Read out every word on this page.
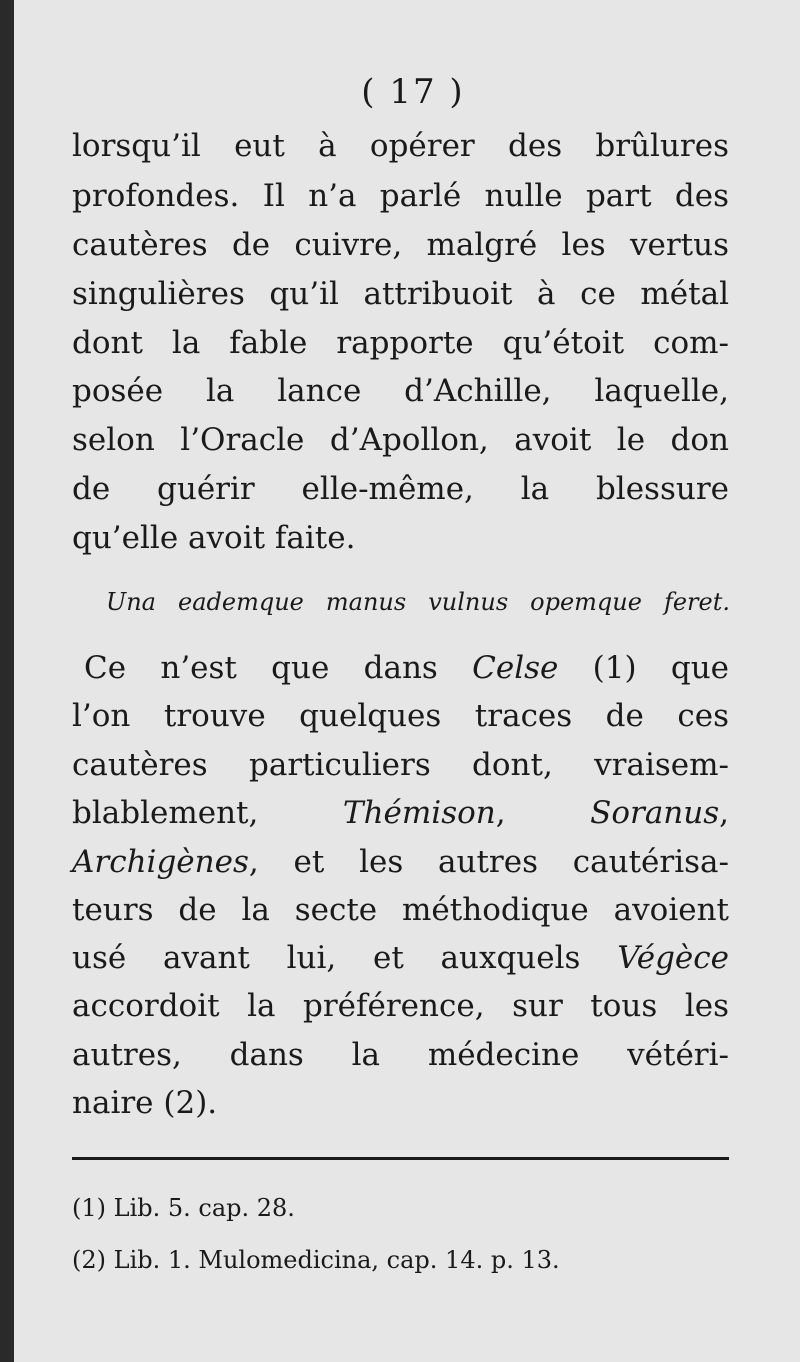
( 17 )
lorsqu’il eut à opérer des brûlures
profondes. Il n’a parlé nulle part des
cautères de cuivre, malgré les vertus
singulières qu’il attribuoit à ce métal
dont la fable rapporte qu’étoit com-
posée la lance d’Achille, laquelle,
selon l’Oracle d’Apollon, avoit le don
de guérir elle-même, la blessure
qu’elle avoit faite.
Una eademque manus vulnus opemque feret.
Ce n’est que dans Celse (1) que
l’on trouve quelques traces de ces
cautères particuliers dont, vraisem-
blablement,	Thémison, Soranus,
Archigènes, et les autres cautérisa-
teurs de la secte méthodique avoient
usé avant lui, et auxquels Végèce
accordoit la préférence, sur tous les
autres, dans la médecine vétéri-
naire (2).
(1) Lib. 5. cap. 28.
(2) Lib. 1. Mulomedicina, cap. 14. p. 13.
